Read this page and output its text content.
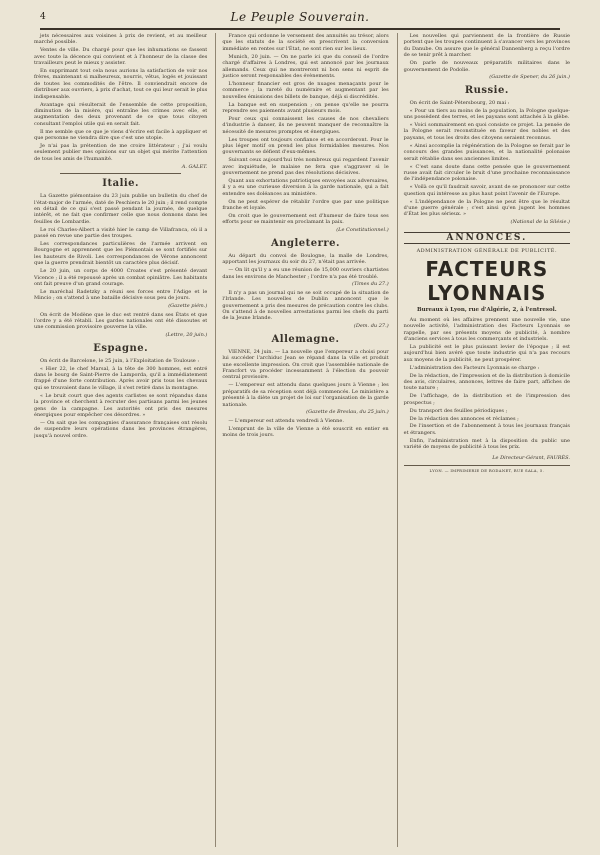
4	Le Peuple Souverain.

jets nécessaires aux voisines à prix de revient, et au meilleur marché possible.

Ventes de ville. Du chargé pour que les inhumations se fassent avec toute la décence qui convient et à l'honneur de la classe des travailleurs peut le mieux y assister.

En supprimant tout cela nous aurions la satisfaction de voir nos frères, maintenant si malheureux, nourris, vêtus, logés et jouissant de toutes les commodités de l'être. Il conviendrait encore de distribuer aux ouvriers, à prix d'achat, tout ce qui leur serait le plus indispensable.

Avantage qui résulterait de l'ensemble de cette proposition, diminution de la misère, qui entraîne les crimes avec elle, et augmentation des deux provenant de ce que tous citoyen consultant l'emploi utile qui en serait fait.

Il me semble que ce que je viens d'écrire est facile à appliquer et que personne ne viendra dire que c'est une utopie.

Je n'ai pas la prétention de me croire littérateur ; j'ai voulu seulement publier mes opinions sur un objet qui mérite l'attention de tous les amis de l'humanité.

A. GALET.
Italie.

La Gazette piémontaise du 23 juin publie un bulletin du chef de l'état-major de l'armée, daté de Peschiera le 20 juin ; il rend compte en détail de ce qui s'est passé pendant la journée, de quelque intérêt, et ne fait que confirmer celle que nous donnons dans les feuilles de Lombardie.

Le roi Charles-Albert a visité hier le camp de Villafranca, où il a passé en revue une partie des troupes.

Les correspondances particulières de l'armée arrivent en Bourgogne et apprennent que les Piémontais se sont fortifiés sur les hauteurs de Rivoli. Les correspondances de Vérone annoncent que la guerre prendrait bientôt un caractère plus décisif.

Le 20 juin, un corps de 4000 Croates s'est présenté devant Vicence ; il a été repoussé après un combat opiniâtre. Les habitants ont fait preuve d'un grand courage.

Le maréchal Radetzky a réuni ses forces entre l'Adige et le Mincio ; on s'attend à une bataille décisive sous peu de jours.

(Gazette piém.)

On écrit de Modène que le duc est rentré dans ses États et que l'ordre y a été rétabli. Les gardes nationales ont été dissoutes et une commission provisoire gouverne la ville.

(Lettre, 20 juin.)
Espagne.

On écrit de Barcelone, le 25 juin, à l'Exploitation de Toulouse :

« Hier 22, le chef Marsal, à la tête de 300 hommes, est entré dans le bourg de Saint-Pierre de Lamporda, qu'il a immédiatement frappé d'une forte contribution. Après avoir pris tous les chevaux qui se trouvaient dans le village, il s'est retiré dans la montagne.

« Le bruit court que des agents carlistes se sont répandus dans la province et cherchent à recruter des partisans parmi les jeunes gens de la campagne. Les autorités ont pris des mesures énergiques pour empêcher ces désordres. »

— On sait que les compagnies d'assurance françaises ont résolu de suspendre leurs opérations dans les provinces étrangères, jusqu'à nouvel ordre.

France qui ordonne le versement des annuités au trésor, alors que les statuts de la société en prescrivent la conversion immédiate en rentes sur l'État, ne sont rien sur les lieux.

Munich, 20 juin. — On ne parle ici que du conseil de l'ordre chargé d'affaires à Londres, qui est annoncé par les journaux allemands. Ceux qui ne montreront ni bon sens ni esprit de justice seront responsables des évènements.

L'honneur financier est gros de nuages menaçants pour le commerce ; la rareté du numéraire et augmentant par les nouvelles émissions des billets de banque, déjà si discrédités.

La banque est en suspension ; on pense qu'elle ne pourra reprendre ses paiements avant plusieurs mois.

Pour ceux qui connaissent les causes de nos chevaliers d'industrie à danser, ils ne peuvent manquer de reconnaître la nécessité de mesures promptes et énergiques.

Les troupes ont toujours confiance et en accorderont. Pour le plus léger motif on prend les plus formidables mesures. Nos gouvernants se défient d'eux-mêmes.

Suivant ceux aujourd'hui très nombreux qui regardent l'avenir avec inquiétude, le malaise ne fera que s'aggraver si le gouvernement ne prend pas des résolutions décisives.

Quant aux exhortations patriotiques envoyées aux adversaires, il y a eu une curieuse diversion à la garde nationale, qui a fait entendre ses doléances au ministère.

On ne peut espérer de rétablir l'ordre que par une politique franche et loyale.

On croit que le gouvernement est d'humeur de faire tous ses efforts pour se maintenir en proclamant la paix.

(Le Constitutionnel.)
Angleterre.

Au départ du convoi de Boulogne, la malle de Londres, apportant les journaux du soir du 27, n'était pas arrivée.

— On lit qu'il y a eu une réunion de 15,000 ouvriers chartistes dans les environs de Manchester ; l'ordre n'a pas été troublé.

(Times du 27.)

Il n'y a pas un journal qui ne se soit occupé de la situation de l'Irlande. Les nouvelles de Dublin annoncent que le gouvernement a pris des mesures de précaution contre les clubs. On s'attend à de nouvelles arrestations parmi les chefs du parti de la Jeune Irlande.

(Dem. du 27.)
Allemagne.

VIENNE, 24 juin. — La nouvelle que l'empereur a choisi pour lui succéder l'archiduc Jean se répand dans la ville et produit une excellente impression. On croit que l'assemblée nationale de Francfort va procéder incessamment à l'élection du pouvoir central provisoire.

— L'empereur est attendu dans quelques jours à Vienne ; les préparatifs de sa réception sont déjà commencés. Le ministère a présenté à la diète un projet de loi sur l'organisation de la garde nationale.

(Gazette de Breslau, du 25 juin.)

— L'empereur est attendu vendredi à Vienne.

L'emprunt de la ville de Vienne a été souscrit en entier en moins de trois jours.

Les nouvelles qui parviennent de la frontière de Russie portent que les troupes continuent à s'avancer vers les provinces du Danube. On assure que le général Dannenberg a reçu l'ordre de se tenir prêt à marcher.

On parle de nouveaux préparatifs militaires dans le gouvernement de Podolie.

(Gazette de Spener, du 26 juin.)
Russie.

On écrit de Saint-Pétersbourg, 20 mai :

« Pour un tiers au moins de la population, la Pologne quelque-uns possèdent des terres, et les paysans sont attachés à la glèbe.

« Voici sommairement en quoi consiste ce projet. La pensée de la Pologne serait reconstituée en faveur des nobles et des paysans, et tous les droits des citoyens seraient reconnus.

« Ainsi accomplie la régénération de la Pologne se ferait par le concours des grandes puissances, et la nationalité polonaise serait rétablie dans ses anciennes limites.

« C'est sans doute dans cette pensée que le gouvernement russe avait fait circuler le bruit d'une prochaine reconnaissance de l'indépendance polonaise.

« Voilà ce qu'il faudrait savoir, avant de se prononcer sur cette question qui intéresse au plus haut point l'avenir de l'Europe.

« L'indépendance de la Pologne ne peut être que le résultat d'une guerre générale ; c'est ainsi qu'en jugent les hommes d'État les plus sérieux. »

(National de la Silésie.)
ANNONCES.
ADMINISTRATION GÉNÉRALE DE PUBLICITÉ.
FACTEURS LYONNAIS
Bureaux à Lyon, rue d'Algérie, 2, à l'entresol.

Au moment où les affaires prennent une nouvelle vie, une nouvelle activité, l'administration des Facteurs Lyonnais se rappelle, par ses présents moyens de publicité, à nombre d'anciens services à tous les commerçants et industriels.

La publicité est le plus puissant levier de l'époque ; il est aujourd'hui bien avéré que toute industrie qui n'a pas recours aux moyens de la publicité, ne peut prospérer.

L'administration des Facteurs Lyonnais se charge :

De la rédaction, de l'impression et de la distribution à domicile des avis, circulaires, annonces, lettres de faire part, affiches de toute nature ;

De l'affichage, de la distribution et de l'impression des prospectus ;

Du transport des feuilles périodiques ;

De la rédaction des annonces et réclames ;

De l'insertion et de l'abonnement à tous les journaux français et étrangers.

Enfin, l'administration met à la disposition du public une variété de moyens de publicité à tous les prix.

Le Directeur-Gérant, FAURÈS.
LYON. — IMPRIMERIE DE RODANET, RUE SALA, 5.
